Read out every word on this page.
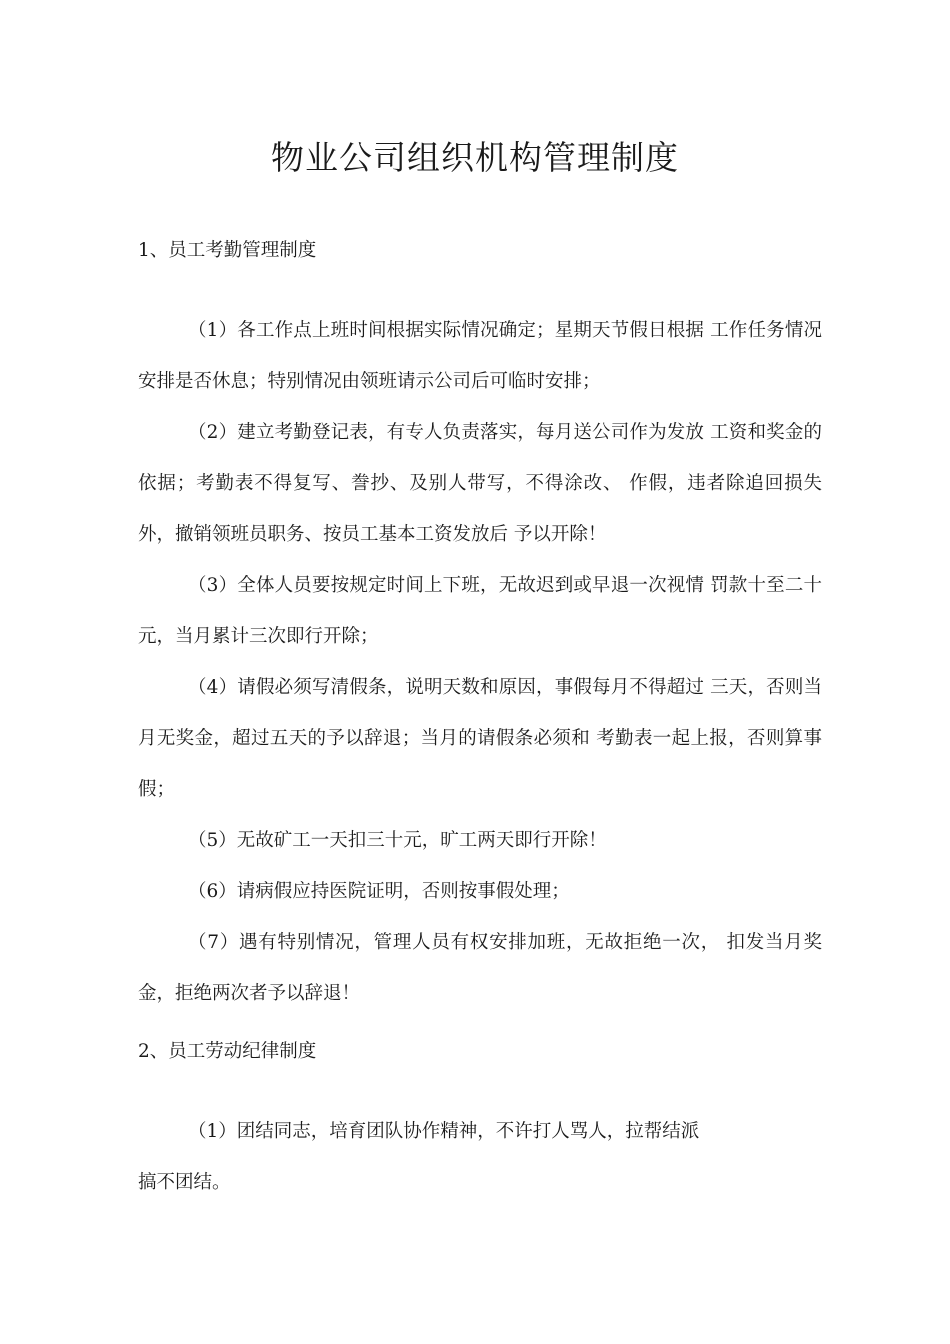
物业公司组织机构管理制度

1、员工考勤管理制度

（1）各工作点上班时间根据实际情况确定；星期天节假日根据 工作任务情况安排是否休息；特别情况由领班请示公司后可临时安排；

（2）建立考勤登记表，有专人负责落实，每月送公司作为发放 工资和奖金的依据；考勤表不得复写、誊抄、及别人带写，不得涂改、 作假，违者除追回损失外，撤销领班员职务、按员工基本工资发放后 予以开除！

（3）全体人员要按规定时间上下班，无故迟到或早退一次视情 罚款十至二十元，当月累计三次即行开除；

（4）请假必须写清假条，说明天数和原因，事假每月不得超过 三天，否则当月无奖金，超过五天的予以辞退；当月的请假条必须和 考勤表一起上报，否则算事假；

（5）无故矿工一天扣三十元，旷工两天即行开除！

（6）请病假应持医院证明，否则按事假处理；

（7）遇有特别情况，管理人员有权安排加班，无故拒绝一次， 扣发当月奖金，拒绝两次者予以辞退！

2、员工劳动纪律制度

（1）团结同志，培育团队协作精神，不许打人骂人，拉帮结派

搞不团结。
